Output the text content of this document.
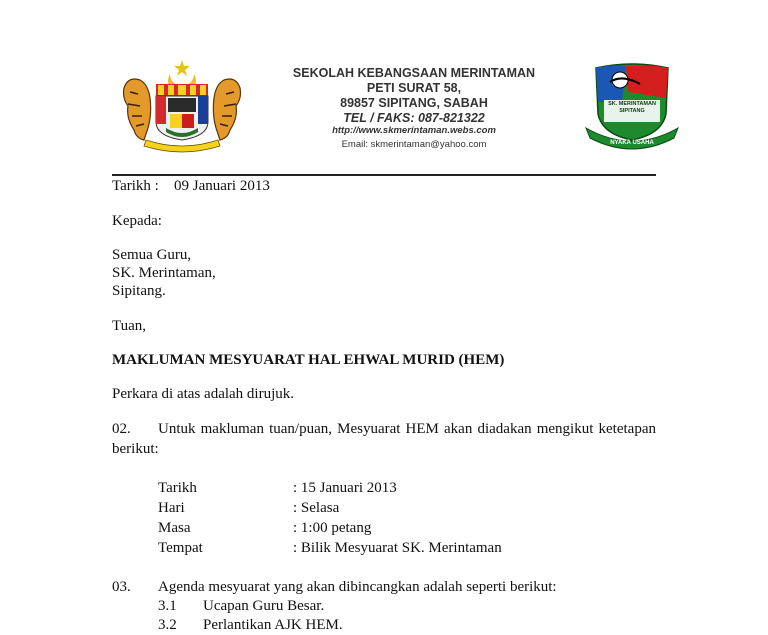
SK. MERINTAMAN SIPITANG
NYAKA USAHA
SEKOLAH KEBANGSAAN MERINTAMAN
PETI SURAT 58,
89857 SIPITANG, SABAH
TEL / FAKS: 087-821322
http://www.skmerintaman.webs.com
Email: skmerintaman@yahoo.com
Tarikh : 09 Januari 2013
Kepada:
Semua Guru,
SK. Merintaman,
Sipitang.
Tuan,
MAKLUMAN MESYUARAT HAL EHWAL MURID (HEM)
Perkara di atas adalah dirujuk.
02. Untuk makluman tuan/puan, Mesyuarat HEM akan diadakan mengikut ketetapan
berikut:
Tarikh	: 15 Januari 2013
Hari	: Selasa
Masa	: 1:00 petang
Tempat	: Bilik Mesyuarat SK. Merintaman
03. Agenda mesyuarat yang akan dibincangkan adalah seperti berikut:
3.1 Ucapan Guru Besar.
3.2 Perlantikan AJK HEM.
